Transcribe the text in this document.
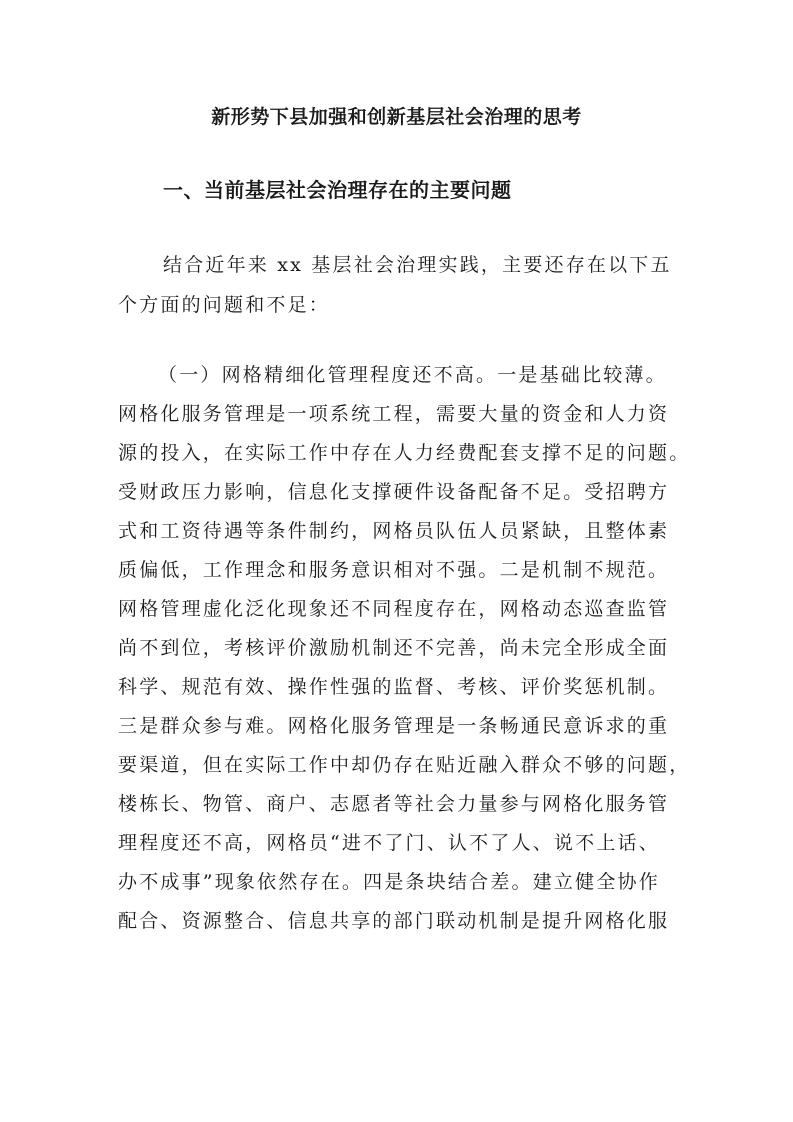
新形势下县加强和创新基层社会治理的思考
一、当前基层社会治理存在的主要问题
结合近年来 xx 基层社会治理实践，主要还存在以下五
个方面的问题和不足：
（一）网格精细化管理程度还不高。一是基础比较薄。
网格化服务管理是一项系统工程，需要大量的资金和人力资
源的投入，在实际工作中存在人力经费配套支撑不足的问题。
受财政压力影响，信息化支撑硬件设备配备不足。受招聘方
式和工资待遇等条件制约，网格员队伍人员紧缺，且整体素
质偏低，工作理念和服务意识相对不强。二是机制不规范。
网格管理虚化泛化现象还不同程度存在，网格动态巡查监管
尚不到位，考核评价激励机制还不完善，尚未完全形成全面
科学、规范有效、操作性强的监督、考核、评价奖惩机制。
三是群众参与难。网格化服务管理是一条畅通民意诉求的重
要渠道，但在实际工作中却仍存在贴近融入群众不够的问题，
楼栋长、物管、商户、志愿者等社会力量参与网格化服务管
理程度还不高，网格员“进不了门、认不了人、说不上话、
办不成事”现象依然存在。四是条块结合差。建立健全协作
配合、资源整合、信息共享的部门联动机制是提升网格化服
